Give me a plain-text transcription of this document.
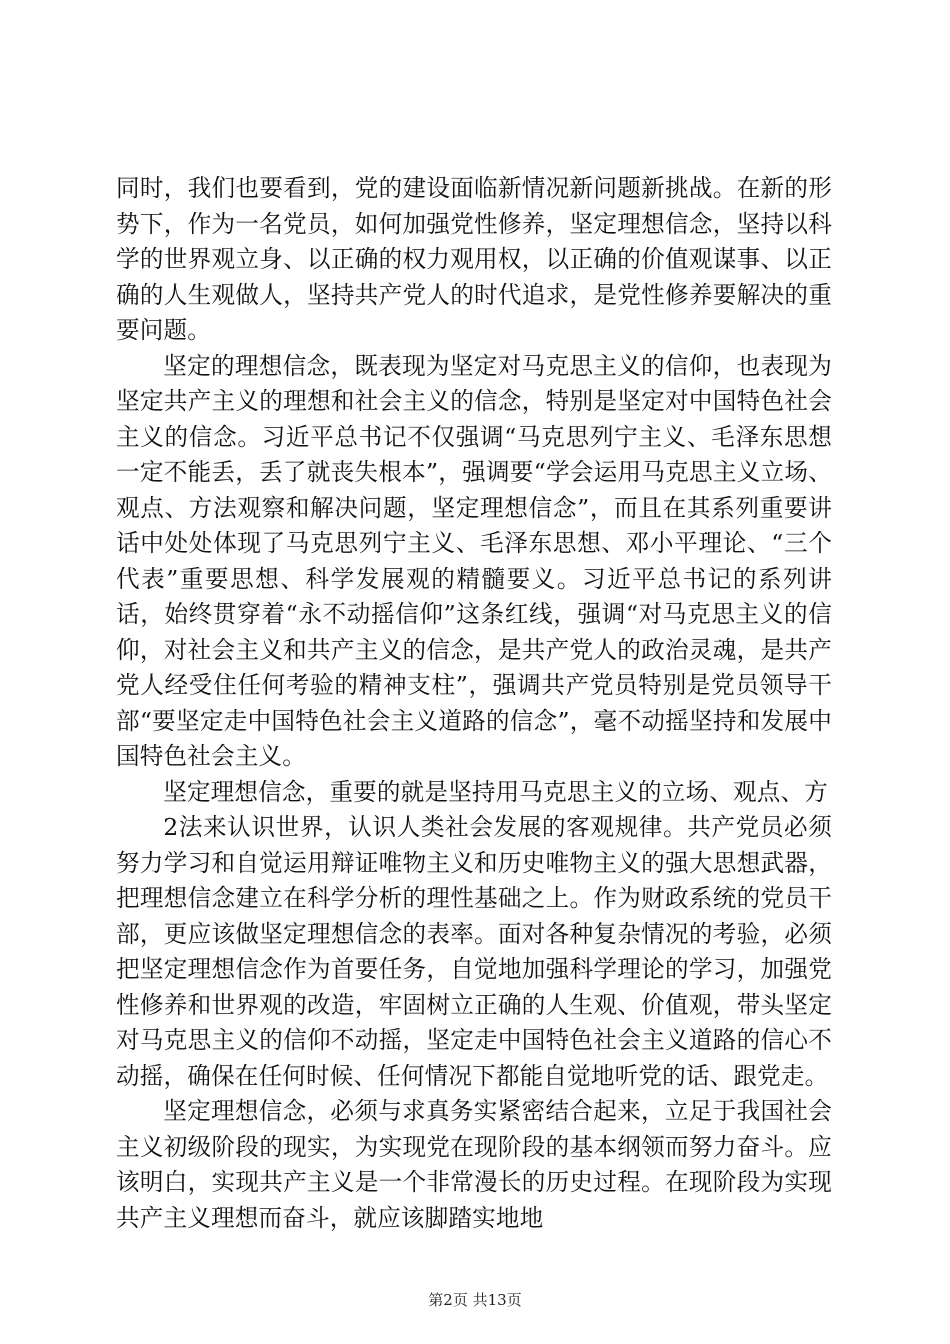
同时，我们也要看到，党的建设面临新情况新问题新挑战。在新的形势下，作为一名党员，如何加强党性修养，坚定理想信念，坚持以科学的世界观立身、以正确的权力观用权，以正确的价值观谋事、以正确的人生观做人，坚持共产党人的时代追求，是党性修养要解决的重要问题。

坚定的理想信念，既表现为坚定对马克思主义的信仰，也表现为坚定共产主义的理想和社会主义的信念，特别是坚定对中国特色社会主义的信念。习近平总书记不仅强调“马克思列宁主义、毛泽东思想一定不能丢，丢了就丧失根本”，强调要“学会运用马克思主义立场、观点、方法观察和解决问题，坚定理想信念”，而且在其系列重要讲话中处处体现了马克思列宁主义、毛泽东思想、邓小平理论、“三个代表”重要思想、科学发展观的精髓要义。习近平总书记的系列讲话，始终贯穿着“永不动摇信仰”这条红线，强调“对马克思主义的信仰，对社会主义和共产主义的信念，是共产党人的政治灵魂，是共产党人经受住任何考验的精神支柱”，强调共产党员特别是党员领导干部“要坚定走中国特色社会主义道路的信念”，毫不动摇坚持和发展中国特色社会主义。

坚定理想信念，重要的就是坚持用马克思主义的立场、观点、方

2法来认识世界，认识人类社会发展的客观规律。共产党员必须努力学习和自觉运用辩证唯物主义和历史唯物主义的强大思想武器，把理想信念建立在科学分析的理性基础之上。作为财政系统的党员干部，更应该做坚定理想信念的表率。面对各种复杂情况的考验，必须把坚定理想信念作为首要任务，自觉地加强科学理论的学习，加强党性修养和世界观的改造，牢固树立正确的人生观、价值观，带头坚定对马克思主义的信仰不动摇，坚定走中国特色社会主义道路的信心不动摇，确保在任何时候、任何情况下都能自觉地听党的话、跟党走。

坚定理想信念，必须与求真务实紧密结合起来，立足于我国社会主义初级阶段的现实，为实现党在现阶段的基本纲领而努力奋斗。应该明白，实现共产主义是一个非常漫长的历史过程。在现阶段为实现共产主义理想而奋斗，就应该脚踏实地地

第2页 共13页
